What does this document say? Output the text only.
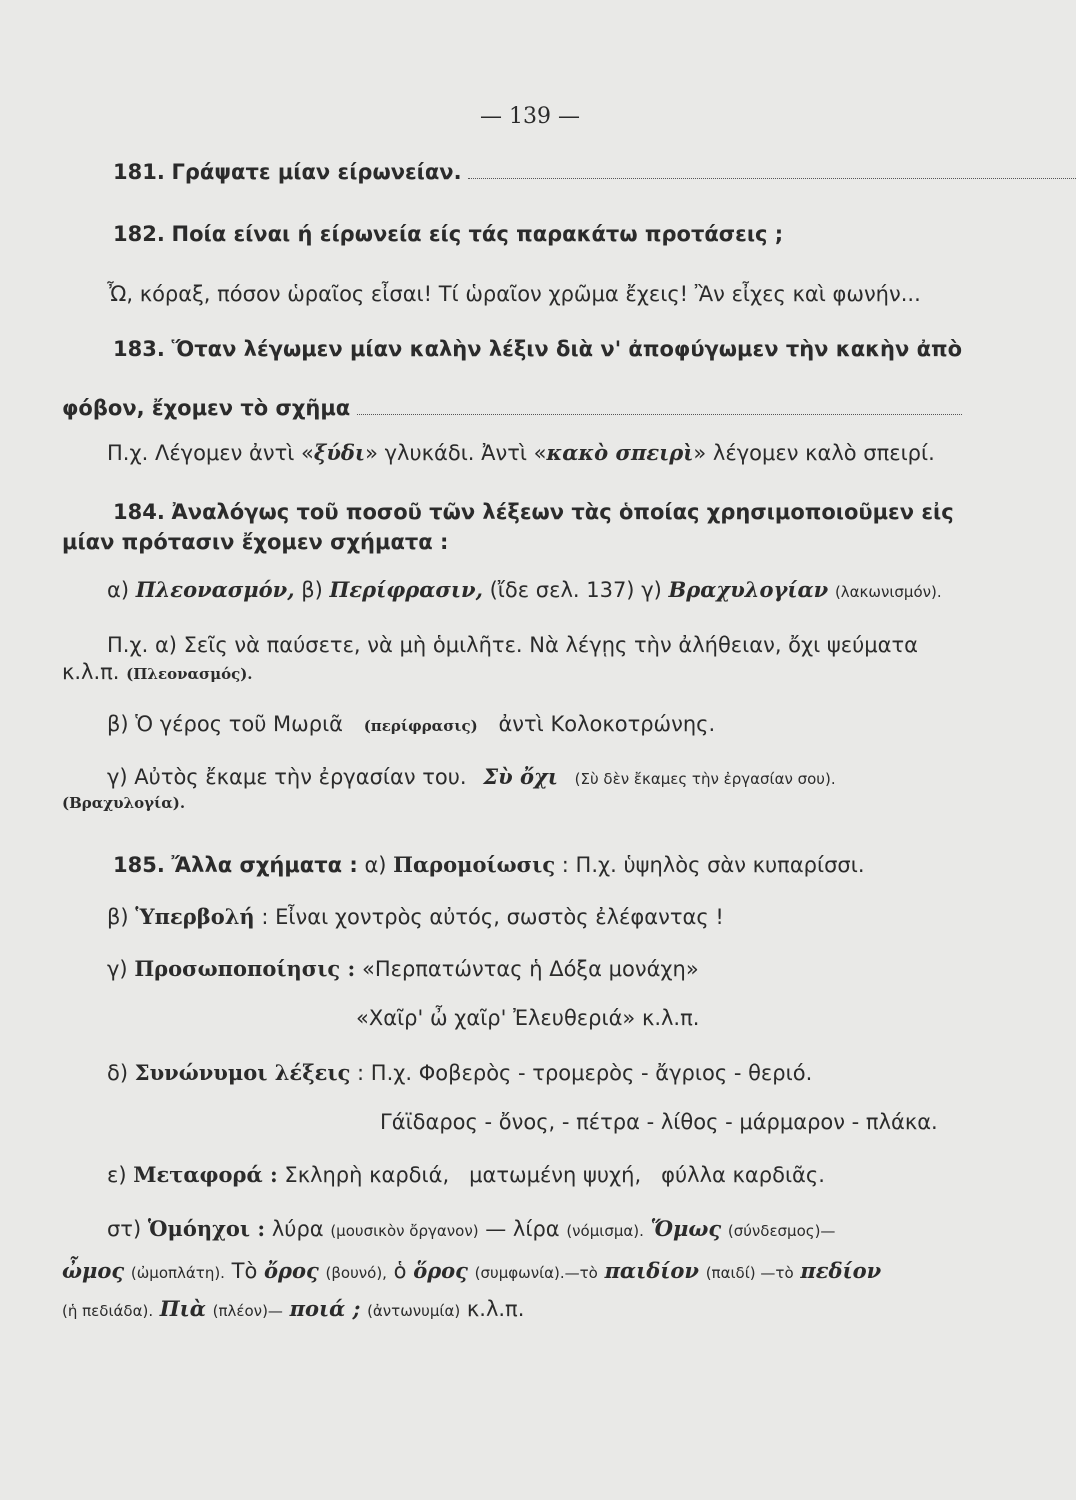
— 139 —
181. Γράψατε μίαν είρωνείαν.
182. Ποία είναι ή είρωνεία είς τάς παρακάτω προτάσεις ;
Ὦ, κόραξ, πόσον ὡραῖος εἶσαι! Τί ὡραῖον χρῶμα ἔχεις! Ἂν εἶχες καὶ φωνήν...
183. Ὅταν λέγωμεν μίαν καλὴν λέξιν διὰ ν' ἀποφύγωμεν τὴν κακὴν ἀπὸ
φόβον, ἔχομεν τὸ σχῆμα
Π.χ. Λέγομεν ἀντὶ «ξύδι» γλυκάδι. Ἀντὶ «κακὸ σπειρὶ» λέγομεν καλὸ σπειρί.
184. Ἀναλόγως τοῦ ποσοῦ τῶν λέξεων τὰς ὁποίας χρησιμοποιοῦμεν εἰς
μίαν πρότασιν ἔχομεν σχήματα :
α) Πλεονασμόν, β) Περίφρασιν, (ἴδε σελ. 137) γ) Βραχυλογίαν (λακωνισμόν).
Π.χ. α) Σεῖς νὰ παύσετε, νὰ μὴ ὁμιλῆτε. Νὰ λέγῃς τὴν ἀλήθειαν, ὄχι ψεύματα
κ.λ.π. (Πλεονασμός).
β) Ὁ γέρος τοῦ Μωριᾶ (περίφρασις) ἀντὶ Κολοκοτρώνης.
γ) Αὐτὸς ἔκαμε τὴν ἐργασίαν του. Σὺ ὄχι (Σὺ δὲν ἔκαμες τὴν ἐργασίαν σου).
(Βραχυλογία).
185. Ἄλλα σχήματα : α) Παρομοίωσις : Π.χ. ὑψηλὸς σὰν κυπαρίσσι.
β) Ὑπερβολή : Εἶναι χοντρὸς αὐτός, σωστὸς ἐλέφαντας !
γ) Προσωποποίησις : «Περπατώντας ἡ Δόξα μονάχη»
«Χαῖρ' ὦ χαῖρ' Ἐλευθεριά» κ.λ.π.
δ) Συνώνυμοι λέξεις : Π.χ. Φοβερὸς - τρομερὸς - ἄγριος - θεριό.
Γάϊδαρος - ὄνος, - πέτρα - λίθος - μάρμαρον - πλάκα.
ε) Μεταφορά : Σκληρὴ καρδιά,   ματωμένη ψυχή,   φύλλα καρδιᾶς.
στ) Ὁμόηχοι : λύρα (μουσικὸν ὄργανον) — λίρα (νόμισμα). Ὅμως (σύνδεσμος)—
ὦμος (ὠμοπλάτη). Τὸ ὄρος (βουνό), ὁ ὅρος (συμφωνία).—τὸ παιδίον (παιδί) —τὸ πεδίον
(ἡ πεδιάδα). Πιὰ (πλέον)— ποιά ; (ἀντωνυμία) κ.λ.π.
